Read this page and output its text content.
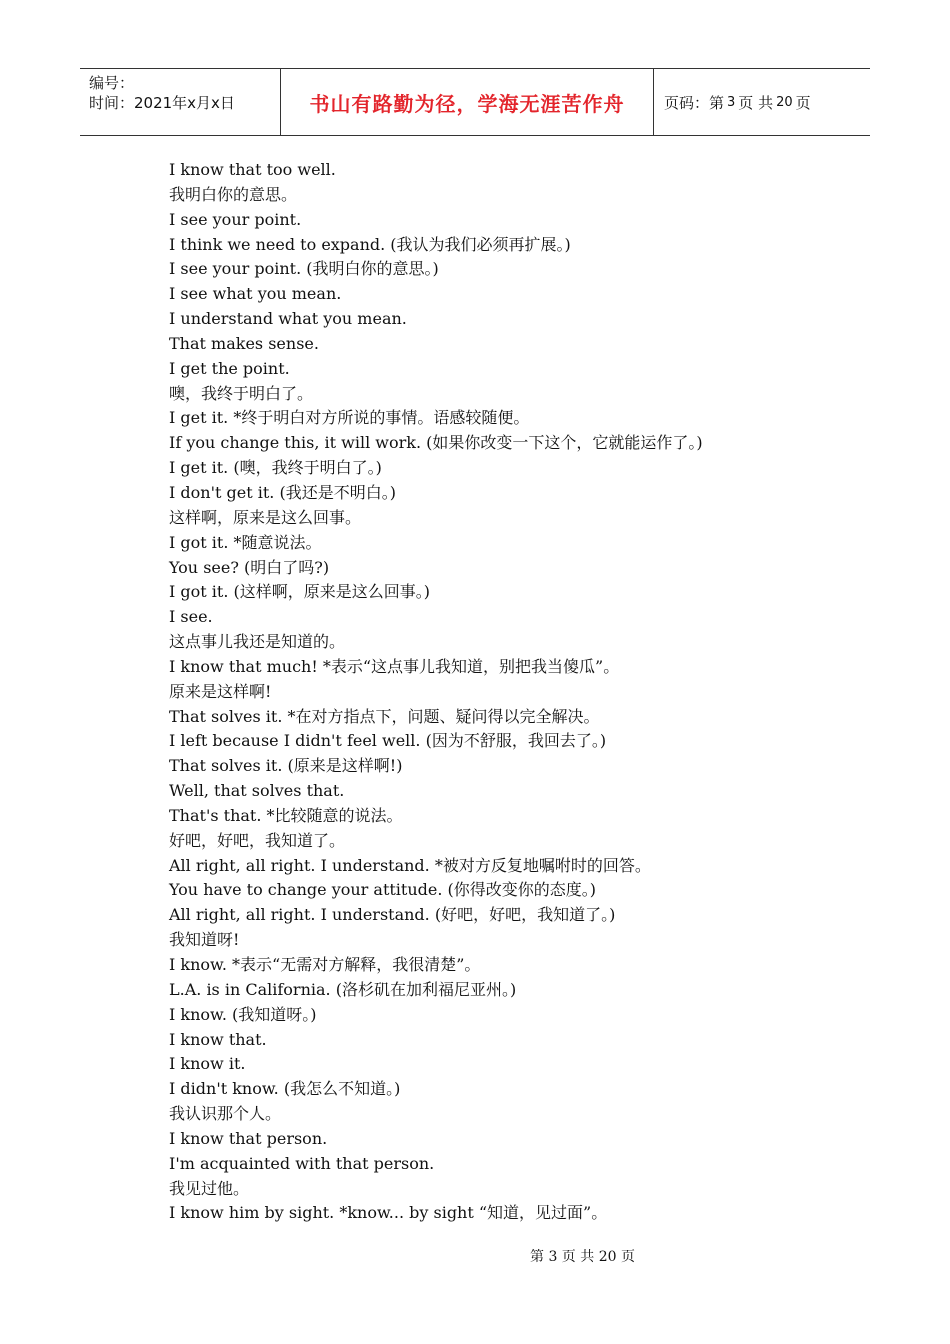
编号：
时间：2021年x月x日	书山有路勤为径，学海无涯苦作舟	页码：第 3 页 共 20 页
I know that too well.
我明白你的意思。
I see your point.
I think we need to expand. (我认为我们必须再扩展。)
I see your point. (我明白你的意思。)
I see what you mean.
I understand what you mean.
That makes sense.
I get the point.
噢，我终于明白了。
I get it. *终于明白对方所说的事情。语感较随便。
If you change this, it will work. (如果你改变一下这个，它就能运作了。)
I get it. (噢，我终于明白了。)
I don't get it. (我还是不明白。)
这样啊，原来是这么回事。
I got it. *随意说法。
You see? (明白了吗?)
I got it. (这样啊，原来是这么回事。)
I see.
这点事儿我还是知道的。
I know that much! *表示“这点事儿我知道，别把我当傻瓜”。
原来是这样啊!
That solves it. *在对方指点下，问题、疑问得以完全解决。
I left because I didn't feel well. (因为不舒服，我回去了。)
That solves it. (原来是这样啊!)
Well, that solves that.
That's that. *比较随意的说法。
好吧，好吧，我知道了。
All right, all right. I understand. *被对方反复地嘱咐时的回答。
You have to change your attitude. (你得改变你的态度。)
All right, all right. I understand. (好吧，好吧，我知道了。)
我知道呀!
I know. *表示“无需对方解释，我很清楚”。
L.A. is in California. (洛杉矶在加利福尼亚州。)
I know. (我知道呀。)
I know that.
I know it.
I didn't know. (我怎么不知道。)
我认识那个人。
I know that person.
I'm acquainted with that person.
我见过他。
I know him by sight. *know... by sight “知道，见过面”。
第 3 页 共 20 页
